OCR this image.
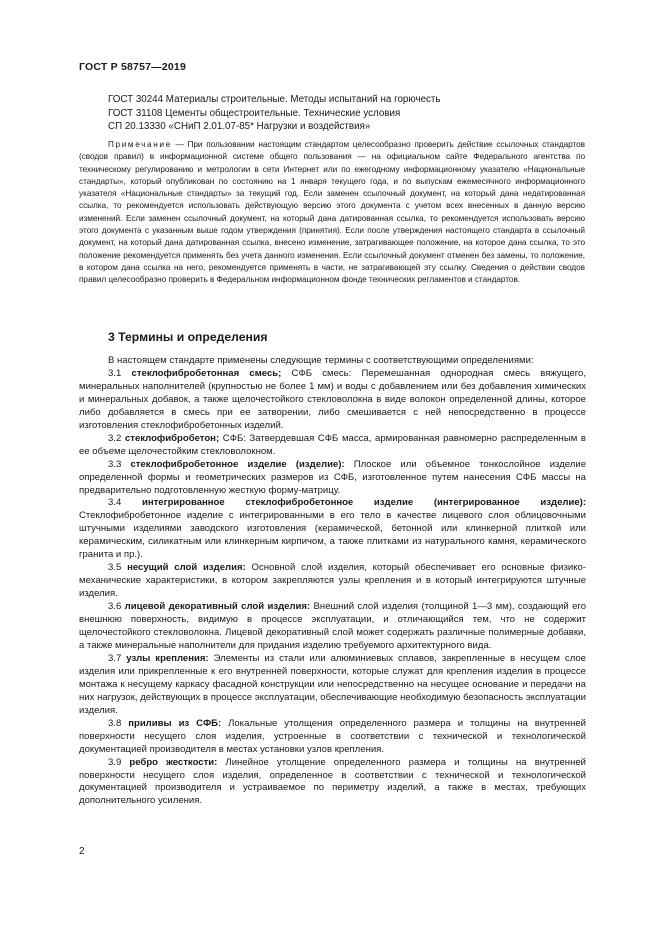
ГОСТ Р 58757—2019
ГОСТ 30244 Материалы строительные. Методы испытаний на горючесть
ГОСТ 31108 Цементы общестроительные. Технические условия
СП 20.13330 «СНиП 2.01.07-85* Нагрузки и воздействия»
Примечание — При пользовании настоящим стандартом целесообразно проверить действие ссылочных стандартов (сводов правил) в информационной системе общего пользования — на официальном сайте Федерального агентства по техническому регулированию и метрологии в сети Интернет или по ежегодному информационному указателю «Национальные стандарты», который опубликован по состоянию на 1 января текущего года, и по выпускам ежемесячного информационного указателя «Национальные стандарты» за текущий год. Если заменен ссылочный документ, на который дана недатированная ссылка, то рекомендуется использовать действующую версию этого документа с учетом всех внесенных в данную версию изменений. Если заменен ссылочный документ, на который дана датированная ссылка, то рекомендуется использовать версию этого документа с указанным выше годом утверждения (принятия). Если после утверждения настоящего стандарта в ссылочный документ, на который дана датированная ссылка, внесено изменение, затрагивающее положение, на которое дана ссылка, то это положение рекомендуется применять без учета данного изменения. Если ссылочный документ отменен без замены, то положение, в котором дана ссылка на него, рекомендуется применять в части, не затрагивающей эту ссылку. Сведения о действии сводов правил целесообразно проверить в Федеральном информационном фонде технических регламентов и стандартов.
3 Термины и определения

В настоящем стандарте применены следующие термины с соответствующими определениями:

3.1 стеклофибробетонная смесь; СФБ смесь: Перемешанная однородная смесь вяжущего, минеральных наполнителей (крупностью не более 1 мм) и воды с добавлением или без добавления химических и минеральных добавок, а также щелочестойкого стекловолокна в виде волокон определенной длины, которое либо добавляется в смесь при ее затворении, либо смешивается с ней непосредственно в процессе изготовления стеклофибробетонных изделий.

3.2 стеклофибробетон; СФБ: Затвердевшая СФБ масса, армированная равномерно распределенным в ее объеме щелочестойким стекловолокном.

3.3 стеклофибробетонное изделие (изделие): Плоское или объемное тонкослойное изделие определенной формы и геометрических размеров из СФБ, изготовленное путем нанесения СФБ массы на предварительно подготовленную жесткую форму-матрицу.

3.4 интегрированное стеклофибробетонное изделие (интегрированное изделие): Стеклофибробетонное изделие с интегрированными в его тело в качестве лицевого слоя облицовочными штучными изделиями заводского изготовления (керамической, бетонной или клинкерной плиткой или керамическим, силикатным или клинкерным кирпичом, а также плитками из натурального камня, керамического гранита и пр.).

3.5 несущий слой изделия: Основной слой изделия, который обеспечивает его основные физико-механические характеристики, в котором закрепляются узлы крепления и в который интегрируются штучные изделия.

3.6 лицевой декоративный слой изделия: Внешний слой изделия (толщиной 1—3 мм), создающий его внешнюю поверхность, видимую в процессе эксплуатации, и отличающийся тем, что не содержит щелочестойкого стекловолокна. Лицевой декоративный слой может содержать различные полимерные добавки, а также минеральные наполнители для придания изделию требуемого архитектурного вида.

3.7 узлы крепления: Элементы из стали или алюминиевых сплавов, закрепленные в несущем слое изделия или прикрепленные к его внутренней поверхности, которые служат для крепления изделия в процессе монтажа к несущему каркасу фасадной конструкции или непосредственно на несущее основание и передачи на них нагрузок, действующих в процессе эксплуатации, обеспечивающие необходимую безопасность эксплуатации изделия.

3.8 приливы из СФБ: Локальные утолщения определенного размера и толщины на внутренней поверхности несущего слоя изделия, устроенные в соответствии с технической и технологической документацией производителя в местах установки узлов крепления.

3.9 ребро жесткости: Линейное утолщение определенного размера и толщины на внутренней поверхности несущего слоя изделия, определенное в соответствии с технической и технологической документацией производителя и устраиваемое по периметру изделий, а также в местах, требующих дополнительного усиления.

2
